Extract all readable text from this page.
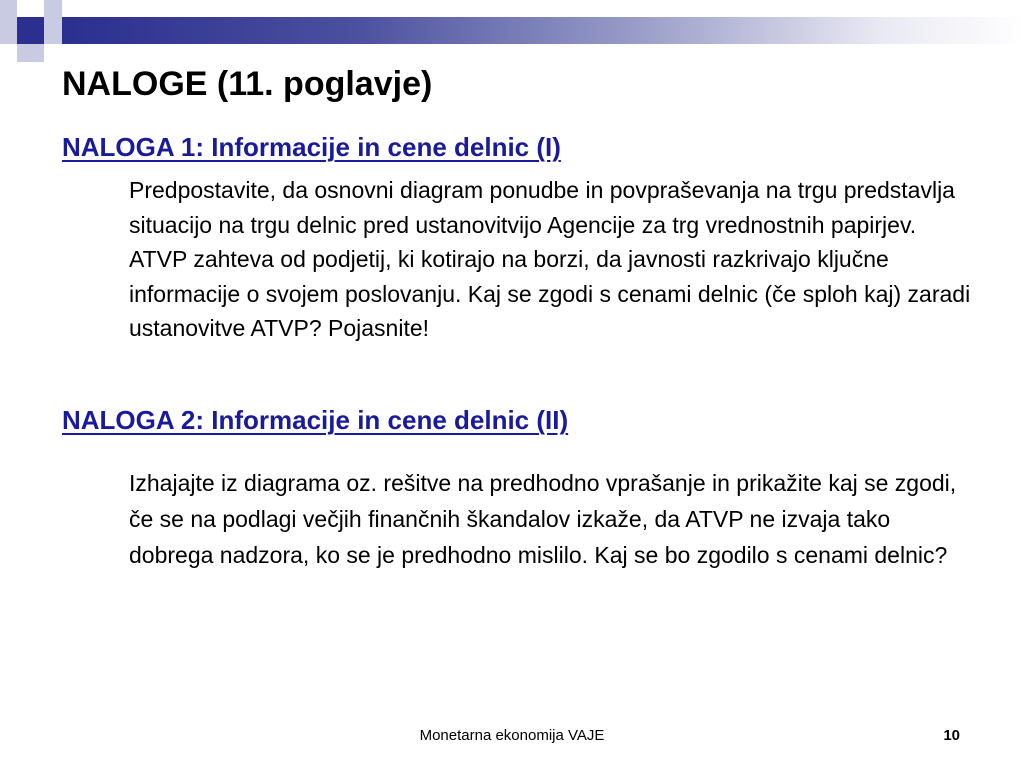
NALOGE (11. poglavje)
NALOGA 1: Informacije in cene delnic (I)

Predpostavite, da osnovni diagram ponudbe in povpraševanja na trgu predstavlja situacijo na trgu delnic pred ustanovitvijo Agencije za trg vrednostnih papirjev. ATVP zahteva od podjetij, ki kotirajo na borzi, da javnosti razkrivajo ključne informacije o svojem poslovanju. Kaj se zgodi s cenami delnic (če sploh kaj) zaradi ustanovitve ATVP? Pojasnite!

NALOGA 2: Informacije in cene delnic (II)

Izhajajte iz diagrama oz. rešitve na predhodno vprašanje in prikažite kaj se zgodi, če se na podlagi večjih finančnih škandalov izkaže, da ATVP ne izvaja tako dobrega nadzora, ko se je predhodno mislilo. Kaj se bo zgodilo s cenami delnic?

Monetarna ekonomija VAJE	10
